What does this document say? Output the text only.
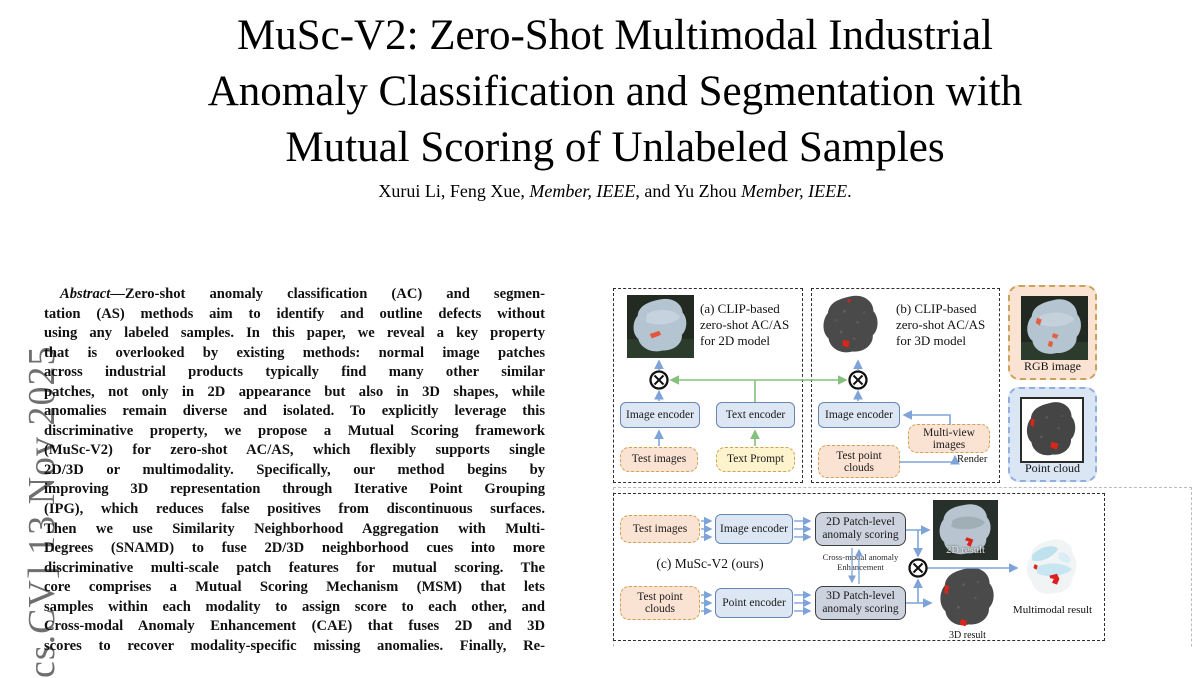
cs.CV] 13 Nov 2025
MuSc-V2: Zero-Shot Multimodal Industrial
Anomaly Classification and Segmentation with
Mutual Scoring of Unlabeled Samples
Xurui Li, Feng Xue, Member, IEEE, and Yu Zhou Member, IEEE.
Abstract—Zero-shot anomaly classification (AC) and segmen-
tation (AS) methods aim to identify and outline defects without
using any labeled samples. In this paper, we reveal a key property
that is overlooked by existing methods: normal image patches
across industrial products typically find many other similar
patches, not only in 2D appearance but also in 3D shapes, while
anomalies remain diverse and isolated. To explicitly leverage this
discriminative property, we propose a Mutual Scoring framework
(MuSc-V2) for zero-shot AC/AS, which flexibly supports single
2D/3D or multimodality. Specifically, our method begins by
improving 3D representation through Iterative Point Grouping
(IPG), which reduces false positives from discontinuous surfaces.
Then we use Similarity Neighborhood Aggregation with Multi-
Degrees (SNAMD) to fuse 2D/3D neighborhood cues into more
discriminative multi-scale patch features for mutual scoring. The
core comprises a Mutual Scoring Mechanism (MSM) that lets
samples within each modality to assign score to each other, and
Cross-modal Anomaly Enhancement (CAE) that fuses 2D and 3D
scores to recover modality-specific missing anomalies. Finally, Re-
(a) CLIP-based
zero-shot AC/AS
for 2D model
Image encoder	Text encoder
Test images	Text Prompt
(b) CLIP-based
zero-shot AC/AS
for 3D model
Image encoder
Multi-view
images
Test point
clouds
Render
RGB image
Point cloud
Test images	Image encoder
2D Patch-level
anomaly scoring
(c) MuSc-V2 (ours)	Cross-modal anomaly
Enhancement
Test point
clouds
Point encoder
3D Patch-level
anomaly scoring
2D result
3D result
Multimodal result
